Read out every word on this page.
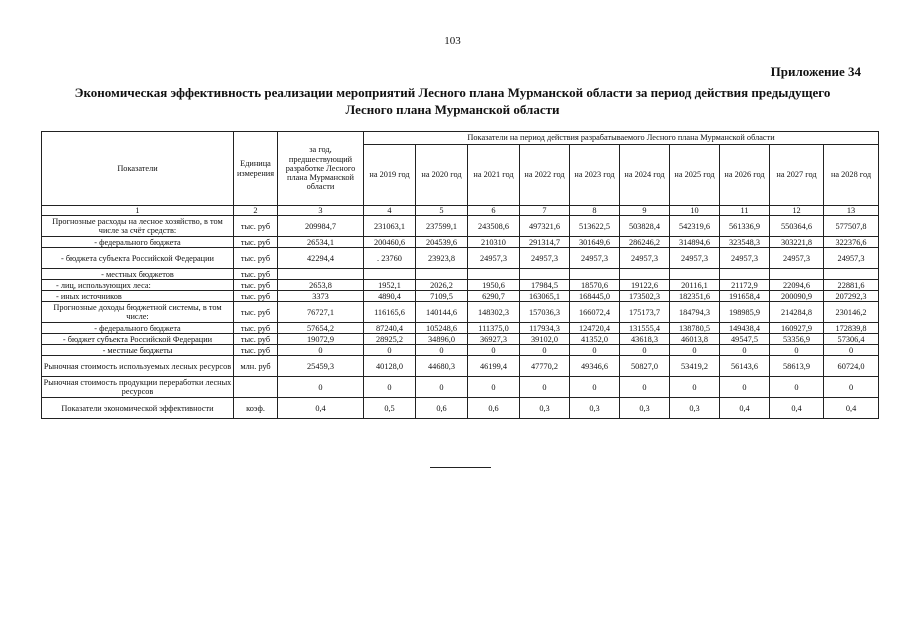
103
Приложение 34
Экономическая эффективность реализации мероприятий Лесного плана Мурманской области за период действия предыдущего Лесного плана Мурманской области
Показатели	Единица измерения	за год, предшествующий разработке Лесного плана Мурманской области	Показатели на период действия разрабатываемого Лесного плана Мурманской области									
			на 2019 год	на 2020 год	на 2021 год	на 2022 год	на 2023 год	на 2024 год	на 2025 год	на 2026 год	на 2027 год	на 2028 год
1	2	3	4	5	6	7	8	9	10	11	12	13
Прогнозные расходы на лесное хозяйство, в том числе за счёт средств:	тыс. руб	209984,7	231063,1	237599,1	243508,6	497321,6	513622,5	503828,4	542319,6	561336,9	550364,6	577507,8
- федерального бюджета	тыс. руб	26534,1	200460,6	204539,6	210310	291314,7	301649,6	286246,2	314894,6	323548,3	303221,8	322376,6
- бюджета субъекта Российской Федерации	тыс. руб	42294,4	. 23760	23923,8	24957,3	24957,3	24957,3	24957,3	24957,3	24957,3	24957,3	24957,3
- местных бюджетов	тыс. руб											
- лиц, использующих леса:	тыс. руб	2653,8	1952,1	2026,2	1950,6	17984,5	18570,6	19122,6	20116,1	21172,9	22094,6	22881,6
- иных источников	тыс. руб	3373	4890,4	7109,5	6290,7	163065,1	168445,0	173502,3	182351,6	191658,4	200090,9	207292,3
Прогнозные доходы бюджетной системы, в том числе:	тыс. руб	76727,1	116165,6	140144,6	148302,3	157036,3	166072,4	175173,7	184794,3	198985,9	214284,8	230146,2
- федерального бюджета	тыс. руб	57654,2	87240,4	105248,6	111375,0	117934,3	124720,4	131555,4	138780,5	149438,4	160927,9	172839,8
- бюджет субъекта Российской Федерации	тыс. руб	19072,9	28925,2	34896,0	36927,3	39102,0	41352,0	43618,3	46013,8	49547,5	53356,9	57306,4
- местные бюджеты	тыс. руб	0	0	0	0	0	0	0	0	0	0	0
Рыночная стоимость используемых лесных ресурсов	млн. руб	25459,3	40128,0	44680,3	46199,4	47770,2	49346,6	50827,0	53419,2	56143,6	58613,9	60724,0
Рыночная стоимость продукции переработки лесных ресурсов		0	0	0	0	0	0	0	0	0	0	0
Показатели экономической эффективности	коэф.	0,4	0,5	0,6	0,6	0,3	0,3	0,3	0,3	0,4	0,4	0,4
